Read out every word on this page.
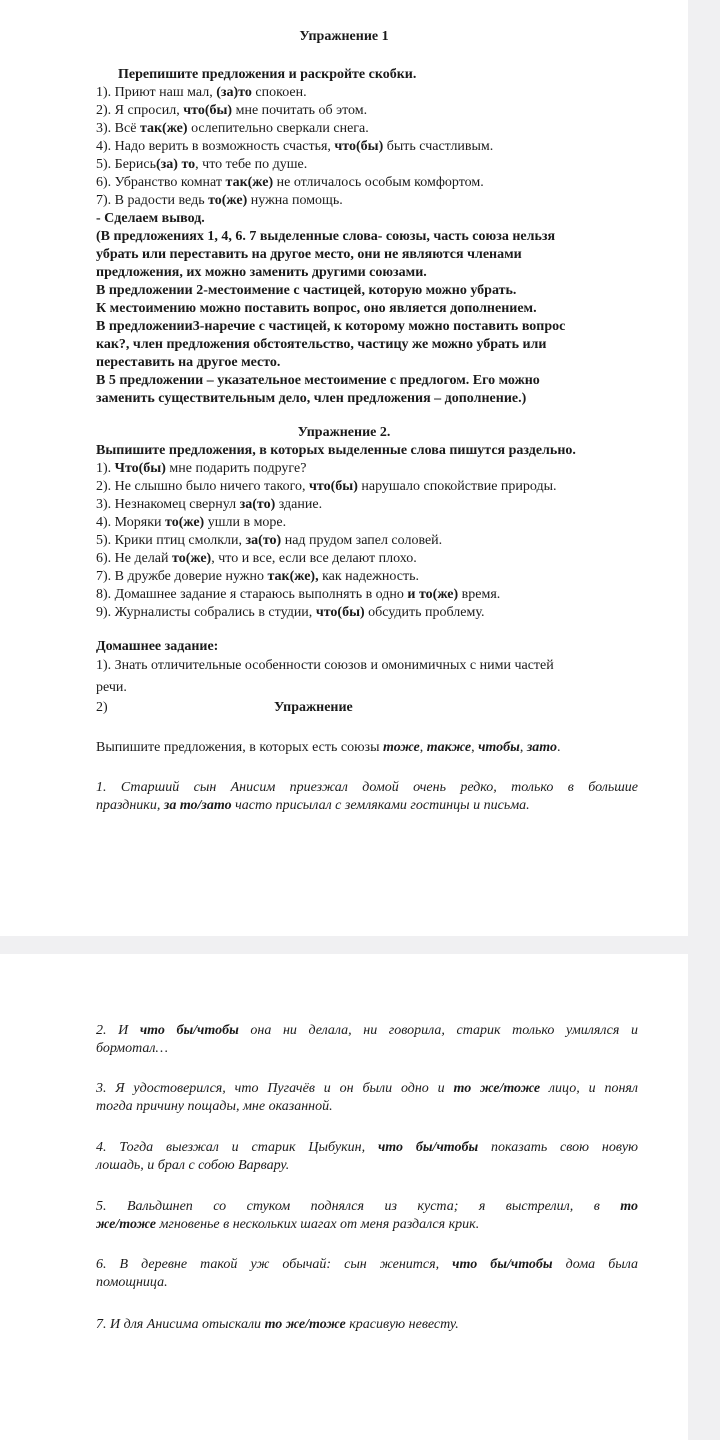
Упражнение 1
Перепишите предложения и раскройте скобки.
1). Приют наш мал, (за)то спокоен.
2). Я спросил, что(бы) мне почитать об этом.
3). Всё так(же) ослепительно сверкали снега.
4). Надо верить в возможность счастья, что(бы) быть счастливым.
5). Берись(за) то, что тебе по душе.
6). Убранство комнат так(же) не отличалось особым комфортом.
7). В радости ведь то(же) нужна помощь.
- Сделаем вывод.
(В предложениях 1, 4, 6. 7 выделенные слова- союзы, часть союза нельзя
убрать или переставить на другое место, они не являются членами
предложения, их можно заменить другими союзами.
В предложении 2-местоимение с частицей, которую можно убрать.
К местоимению можно поставить вопрос, оно является дополнением.
В предложении3-наречие с частицей, к которому можно поставить вопрос
как?, член предложения обстоятельство, частицу же можно убрать или
переставить на другое место.
В 5 предложении – указательное местоимение с предлогом. Его можно
заменить существительным дело, член предложения – дополнение.)
Упражнение 2.
Выпишите предложения, в которых выделенные слова пишутся раздельно.
1). Что(бы) мне подарить подруге?
2). Не слышно было ничего такого, что(бы) нарушало спокойствие природы.
3). Незнакомец свернул за(то) здание.
4). Моряки то(же) ушли в море.
5). Крики птиц смолкли, за(то) над прудом запел соловей.
6). Не делай то(же), что и все, если все делают плохо.
7). В дружбе доверие нужно так(же), как надежность.
8). Домашнее задание я стараюсь выполнять в одно и то(же) время.
9). Журналисты собрались в студии, что(бы) обсудить проблему.
Домашнее задание:
1). Знать отличительные особенности союзов и омонимичных с ними частей
речи.
2)	Упражнение
Выпишите предложения, в которых есть союзы тоже, также, чтобы, зато.
1. Старший сын Анисим приезжал домой очень редко, только в большие
праздники, за то/зато часто присылал с земляками гостинцы и письма.
2. И что бы/чтобы она ни делала, ни говорила, старик только умилялся и
бормотал…
3. Я удостоверился, что Пугачёв и он были одно и то же/тоже лицо, и понял
тогда причину пощады, мне оказанной.
4. Тогда выезжал и старик Цыбукин, что бы/чтобы показать свою новую
лошадь, и брал с собою Варвару.
5. Вальдшнеп со стуком поднялся из куста; я выстрелил, в то
же/тоже мгновенье в нескольких шагах от меня раздался крик.
6. В деревне такой уж обычай: сын женится, что бы/чтобы дома была
помощница.
7. И для Анисима отыскали то же/тоже красивую невесту.
